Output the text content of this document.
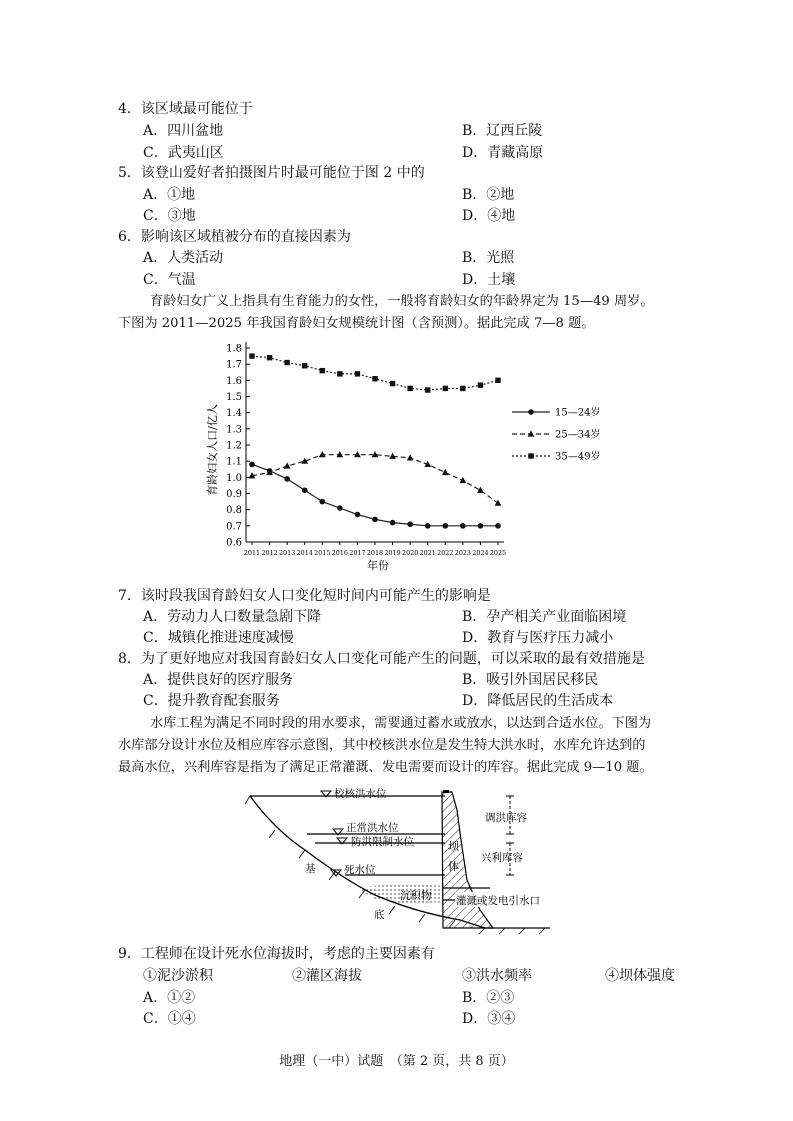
4．该区域最可能位于
A．四川盆地	B．辽西丘陵
C．武夷山区	D．青藏高原
5．该登山爱好者拍摄图片时最可能位于图 2 中的
A．①地	B．②地
C．③地	D．④地
6．影响该区域植被分布的直接因素为
A．人类活动	B．光照
C．气温	D．土壤
育龄妇女广义上指具有生育能力的女性，一般将育龄妇女的年龄界定为 15—49 周岁。
下图为 2011—2025 年我国育龄妇女规模统计图（含预测）。据此完成 7—8 题。
0.6
0.7
0.8
0.9
1.0
1.1
1.2
1.3
1.4
1.5
1.6
1.7
1.8
2011 2012 2013 2014 2015 2016 2017 2018 2019 2020 2021 2022 2023 2024 2025
15—24岁
25—34岁
35—49岁
育龄妇女人口/亿人
年份
7．该时段我国育龄妇女人口变化短时间内可能产生的影响是
A．劳动力人口数量急剧下降	B．孕产相关产业面临困境
C．城镇化推进速度减慢	D．教育与医疗压力减小
8．为了更好地应对我国育龄妇女人口变化可能产生的问题，可以采取的最有效措施是
A．提供良好的医疗服务	B．吸引外国居民移民
C．提升教育配套服务	D．降低居民的生活成本
水库工程为满足不同时段的用水要求，需要通过蓄水或放水，以达到合适水位。下图为
水库部分设计水位及相应库容示意图，其中校核洪水位是发生特大洪水时，水库允许达到的
最高水位，兴利库容是指为了满足正常灌溉、发电需要而设计的库容。据此完成 9—10 题。
校核洪水位
正常洪水位
防洪限制水位
死水位
沉积物
基
底
坝
体
灌溉或发电引水口
调洪库容
兴利库容
9．工程师在设计死水位海拔时，考虑的主要因素有
①泥沙淤积	②灌区海拔	③洪水频率	④坝体强度
A．①②	B．②③
C．①④	D．③④
地理（一中）试题　（第 2 页，共 8 页）
